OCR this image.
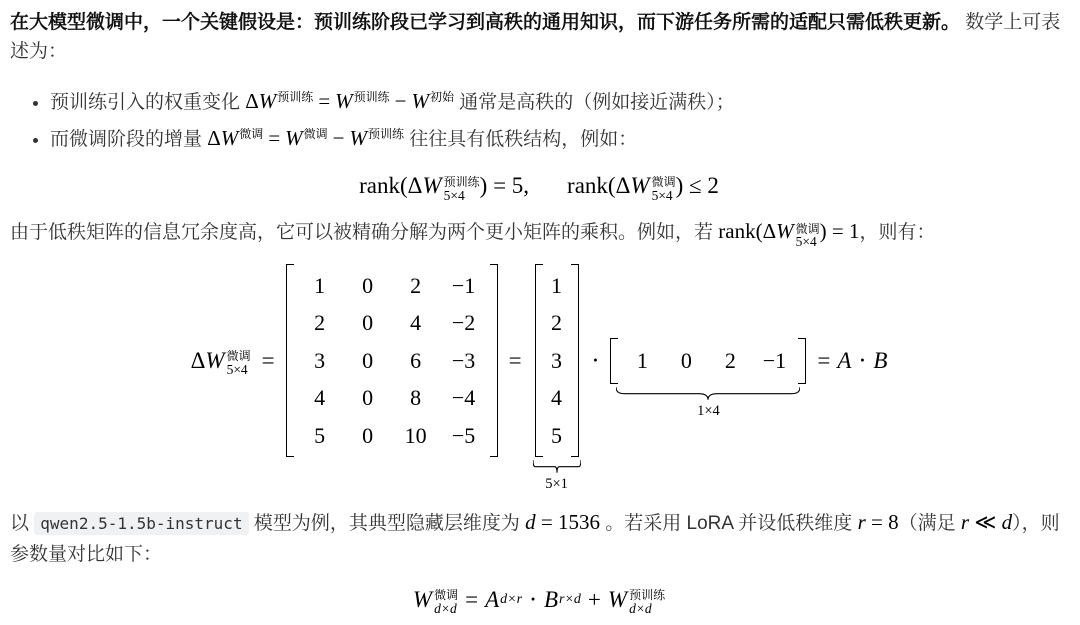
在大模型微调中，一个关键假设是：预训练阶段已学习到高秩的通用知识，而下游任务所需的适配只需低秩更新。 数学上可表述为：

• 预训练引入的权重变化 $\Delta W^{预训练} = W^{预训练} - W^{初始}$ 通常是高秩的（例如接近满秩）；
• 而微调阶段的增量 $\Delta W^{微调} = W^{微调} - W^{预训练}$ 往往具有低秩结构，例如：
rank ( Δ W 预训练
5×4 ) = 5, rank ( Δ W 微调
5×4 ) ≤ 2

由于低秩矩阵的信息冗余度高，它可以被精确分解为两个更小矩阵的乘积。例如，若 rank(ΔW 微调
5×4 ) = 1，则有：

Δ W 微调
5×4 =
1	0	2	−1
2	0	4	−2
3	0	6	−3
4	0	8	−4
5	0	10	−5
=
1
2
3
4
5
5×1
⋅	1	0	2	−1
1×4
= A ⋅ B

以 qwen2.5-1.5b-instruct 模型为例，其典型隐藏层维度为 d = 1536 。若采用 LoRA 并设低秩维度 r = 8（满足 r ≪ d），则参数量对比如下：

W 微调
d×d = A d×r ⋅ B r×d + W 预训练
d×d
